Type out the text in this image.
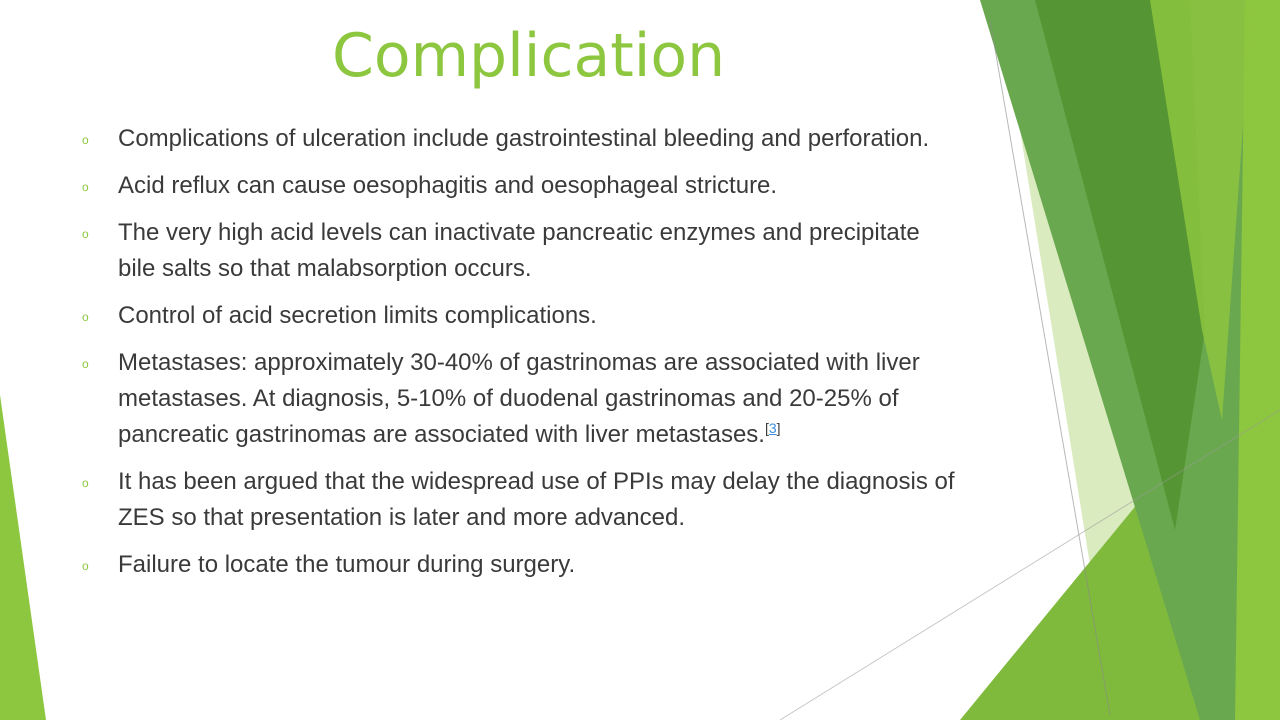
Complication
o Complications of ulceration include gastrointestinal bleeding and perforation.
o Acid reflux can cause oesophagitis and oesophageal stricture.
o The very high acid levels can inactivate pancreatic enzymes and precipitate bile salts so that malabsorption occurs.
o Control of acid secretion limits complications.
o Metastases: approximately 30-40% of gastrinomas are associated with liver metastases. At diagnosis, 5-10% of duodenal gastrinomas and 20-25% of pancreatic gastrinomas are associated with liver metastases.[3]
o It has been argued that the widespread use of PPIs may delay the diagnosis of ZES so that presentation is later and more advanced.
o Failure to locate the tumour during surgery.
